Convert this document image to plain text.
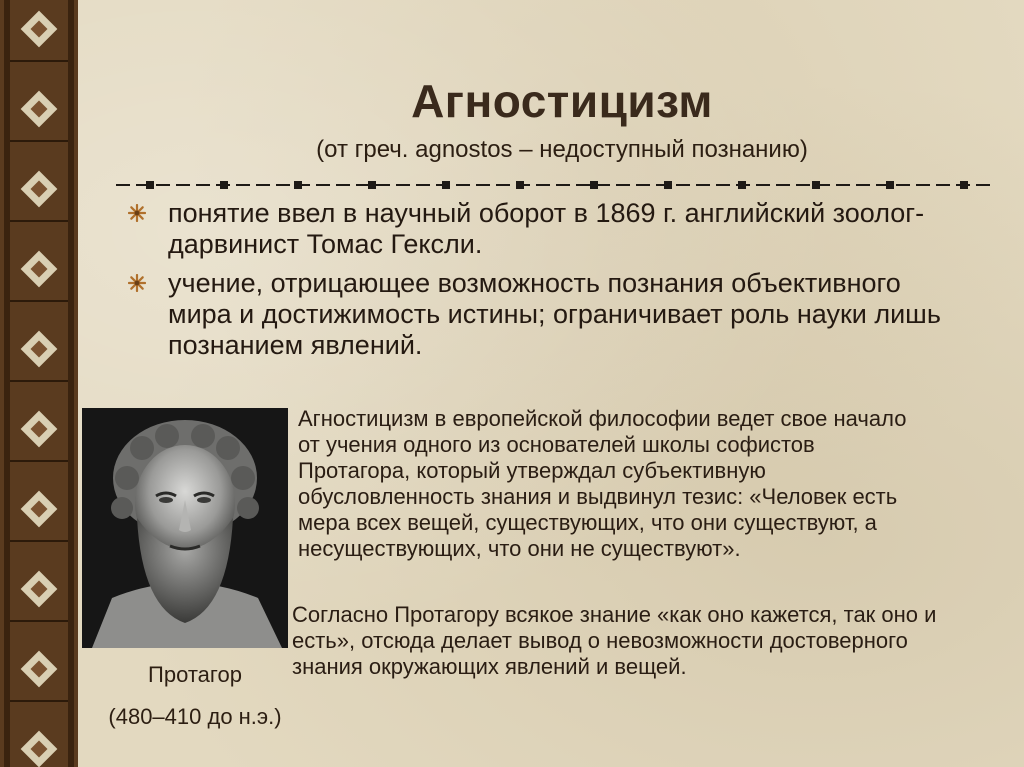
Агностицизм
(от греч. agnostos – недоступный познанию)
понятие ввел в научный оборот в 1869 г. английский зоолог-дарвинист Томас Гексли.
учение, отрицающее возможность познания объективного мира и достижимость истины; ограничивает роль науки лишь познанием явлений.
Протагор
(480–410 до н.э.)
Агностицизм в европейской философии ведет свое начало от учения одного из основателей школы софистов Протагора, который утверждал субъективную обусловленность знания и выдвинул тезис: «Человек есть мера всех вещей, существующих, что они существуют, а несуществующих, что они не существуют».
Согласно Протагору всякое знание «как оно кажется, так оно и есть», отсюда делает вывод о невозможности достоверного знания окружающих явлений и вещей.
